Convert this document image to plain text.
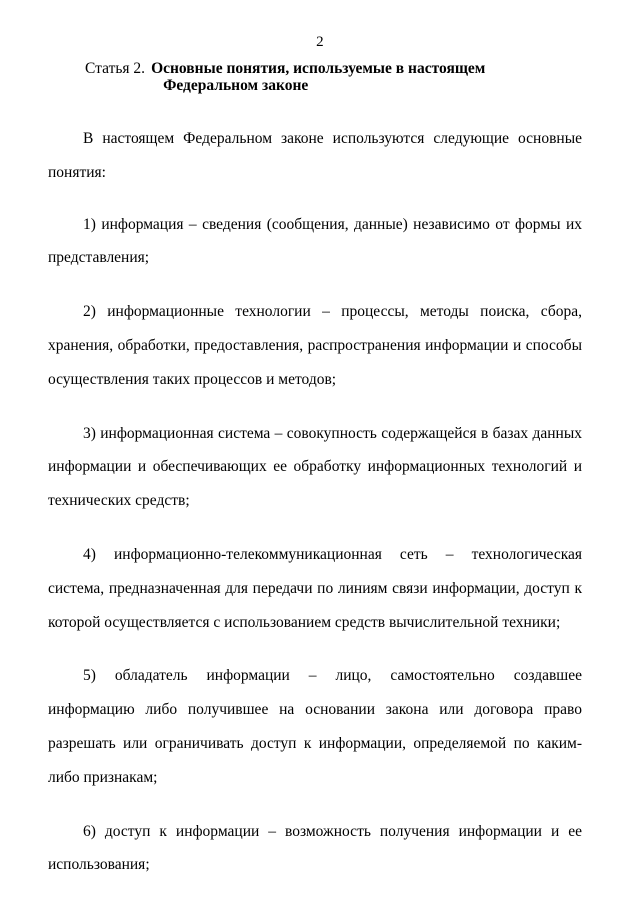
2
Статья 2. Основные понятия, используемые в настоящем
Федеральном законе

В настоящем Федеральном законе используются следующие основные понятия:

1) информация – сведения (сообщения, данные) независимо от формы их представления;

2) информационные технологии – процессы, методы поиска, сбора, хранения, обработки, предоставления, распространения информации и способы осуществления таких процессов и методов;

3) информационная система – совокупность содержащейся в базах данных информации и обеспечивающих ее обработку информационных технологий и технических средств;

4) информационно-телекоммуникационная сеть – технологическая система, предназначенная для передачи по линиям связи информации, доступ к которой осуществляется с использованием средств вычислительной техники;

5) обладатель информации – лицо, самостоятельно создавшее информацию либо получившее на основании закона или договора право разрешать или ограничивать доступ к информации, определяемой по каким-либо признакам;

6) доступ к информации – возможность получения информации и ее использования;
